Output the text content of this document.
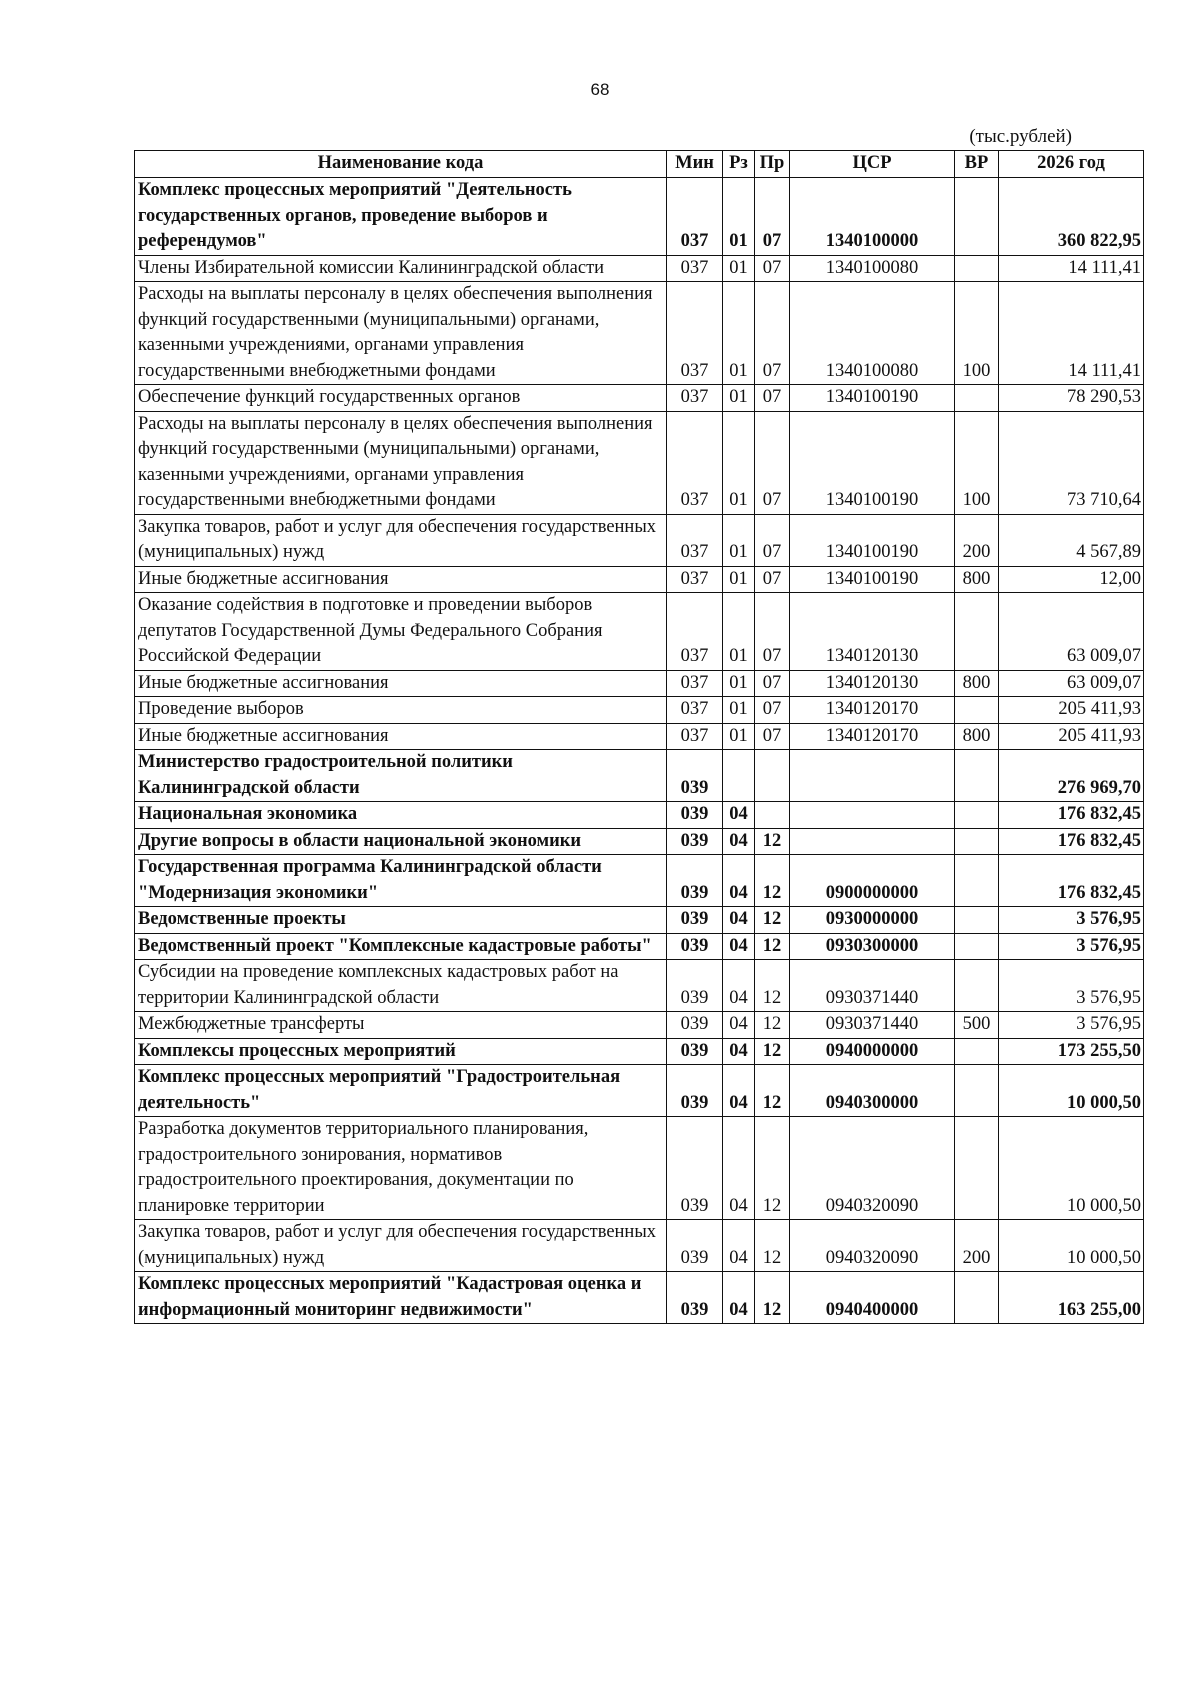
68
(тыс.рублей)
Наименование кода	Мин	Рз	Пр	ЦСР	ВР	2026 год
Комплекс процессных мероприятий "Деятельность государственных органов, проведение выборов и референдумов"	037	01	07	1340100000		360 822,95
Члены Избирательной комиссии Калининградской области	037	01	07	1340100080		14 111,41
Расходы на выплаты персоналу в целях обеспечения выполнения функций государственными (муниципальными) органами, казенными учреждениями, органами управления государственными внебюджетными фондами	037	01	07	1340100080	100	14 111,41
Обеспечение функций государственных органов	037	01	07	1340100190		78 290,53
Расходы на выплаты персоналу в целях обеспечения выполнения функций государственными (муниципальными) органами, казенными учреждениями, органами управления государственными внебюджетными фондами	037	01	07	1340100190	100	73 710,64
Закупка товаров, работ и услуг для обеспечения государственных (муниципальных) нужд	037	01	07	1340100190	200	4 567,89
Иные бюджетные ассигнования	037	01	07	1340100190	800	12,00
Оказание содействия в подготовке и проведении выборов депутатов Государственной Думы Федерального Собрания Российской Федерации	037	01	07	1340120130		63 009,07
Иные бюджетные ассигнования	037	01	07	1340120130	800	63 009,07
Проведение выборов	037	01	07	1340120170		205 411,93
Иные бюджетные ассигнования	037	01	07	1340120170	800	205 411,93
Министерство градостроительной политики Калининградской области	039					276 969,70
Национальная экономика	039	04				176 832,45
Другие вопросы в области национальной экономики	039	04	12			176 832,45
Государственная программа Калининградской области "Модернизация экономики"	039	04	12	0900000000		176 832,45
Ведомственные проекты	039	04	12	0930000000		3 576,95
Ведомственный проект "Комплексные кадастровые работы"	039	04	12	0930300000		3 576,95
Субсидии на проведение комплексных кадастровых работ на территории Калининградской области	039	04	12	0930371440		3 576,95
Межбюджетные трансферты	039	04	12	0930371440	500	3 576,95
Комплексы процессных мероприятий	039	04	12	0940000000		173 255,50
Комплекс процессных мероприятий "Градостроительная деятельность"	039	04	12	0940300000		10 000,50
Разработка документов территориального планирования, градостроительного зонирования, нормативов градостроительного проектирования, документации по планировке территории	039	04	12	0940320090		10 000,50
Закупка товаров, работ и услуг для обеспечения государственных (муниципальных) нужд	039	04	12	0940320090	200	10 000,50
Комплекс процессных мероприятий "Кадастровая оценка и информационный мониторинг недвижимости"	039	04	12	0940400000		163 255,00
